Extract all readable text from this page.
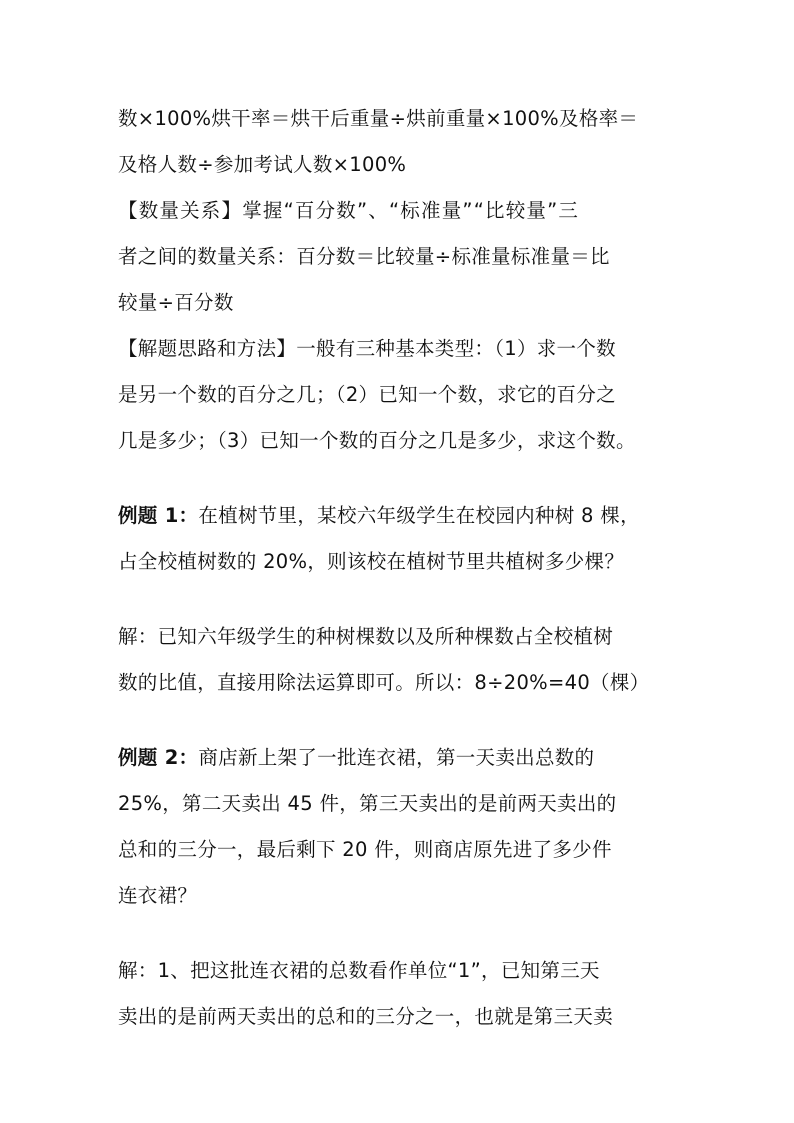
数×100%烘干率＝烘干后重量÷烘前重量×100%及格率＝

及格人数÷参加考试人数×100%

【数量关系】掌握“百分数”、“标准量”“比较量”三

者之间的数量关系：百分数＝比较量÷标准量标准量＝比

较量÷百分数

【解题思路和方法】一般有三种基本类型：（1）求一个数

是另一个数的百分之几；（2）已知一个数，求它的百分之

几是多少；（3）已知一个数的百分之几是多少，求这个数。

例题 1：在植树节里，某校六年级学生在校园内种树 8 棵，

占全校植树数的 20%，则该校在植树节里共植树多少棵？

解：已知六年级学生的种树棵数以及所种棵数占全校植树

数的比值，直接用除法运算即可。所以：8÷20%=40（棵）

例题 2：商店新上架了一批连衣裙，第一天卖出总数的

25%，第二天卖出 45 件，第三天卖出的是前两天卖出的

总和的三分一，最后剩下 20 件，则商店原先进了多少件

连衣裙？

解：1、把这批连衣裙的总数看作单位“1”，已知第三天

卖出的是前两天卖出的总和的三分之一，也就是第三天卖
